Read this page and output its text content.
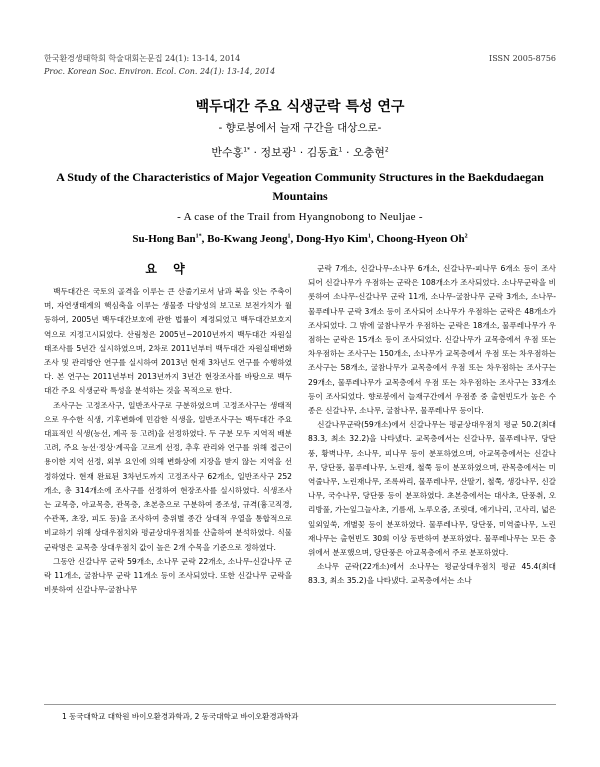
한국환경생태학회 학술대회논문집 24(1): 13-14, 2014
Proc. Korean Soc. Environ. Ecol. Con. 24(1): 13-14, 2014
ISSN 2005-8756
백두대간 주요 식생군락 특성 연구
- 향로봉에서 늘재 구간을 대상으로-
반수홍$^{1*}$ · 정보광$^1$ · 김동효$^1$ · 오충현$^2$
A Study of the Characteristics of Major Vegeation Community Structures in the Baekdudaegan Mountains
- A case of the Trail from Hyangnobong to Neuljae -
Su-Hong Ban$^{1*}$, Bo-Kwang Jeong$^1$, Dong-Hyo Kim$^1$, Choong-Hyeon Oh$^2$
요 약

백두대간은 국토의 골격을 이루는 큰 산줄기로서 남과 북을 잇는 주축이며, 자연생태계의 핵심축을 이루는 생물종 다양성의 보고로 보전가치가 월등하여, 2005년 백두대간보호에 관한 법률이 제정되었고 백두대간보호지역으로 지정고시되었다. 산림청은 2005년~2010년까지 백두대간 자원실태조사를 5년간 실시하였으며, 2차로 2011년부터 백두대간 자원실태변화조사 및 관리방안 연구를 실시하여 2013년 현재 3차년도 연구를 수행하였다. 본 연구는 2011년부터 2013년까지 3년간 현장조사를 바탕으로 백두대간 주요 식생군락 특성을 분석하는 것을 목적으로 한다.

조사구는 고정조사구, 일반조사구로 구분하였으며 고정조사구는 생태적으로 우수한 식생, 기후변화에 민감한 식생을, 일반조사구는 백두대간 주요 대표적인 식생(능선, 계곡 등 고려)을 선정하였다. 두 구분 모두 지역적 배분 고려, 주요 능선·정상·계곡을 고르게 선정, 추후 관리와 연구를 위해 접근이 용이한 지역 선정, 외부 요인에 의해 변화상에 지장을 받지 않는 지역을 선정하였다. 현재 완료된 3차년도까지 고정조사구 62개소, 일반조사구 252개소, 총 314개소에 조사구를 선정하여 현장조사를 실시하였다. 식생조사는 교목층, 아교목층, 관목층, 초본층으로 구분하여 종조성, 규격(흉고직경, 수관폭, 초장, 피도 등)을 조사하여 층위별 종간 상대적 우열을 통합적으로 비교하기 위해 상대우점치와 평균상대우점치를 산출하여 분석하였다. 식물군락명은 교목층 상대우점치 값이 높은 2개 수목을 기준으로 정하였다.

그동안 신갈나무 군락 59개소, 소나무 군락 22개소, 소나무-신갈나무 군락 11개소, 굴참나무 군락 11개소 등이 조사되었다. 또한 신갈나무 군락을 비롯하여 신갈나무-굴참나무

군락 7개소, 신갈나무-소나무 6개소, 신갈나무-피나무 6개소 등이 조사되어 신갈나무가 우점하는 군락은 108개소가 조사되었다. 소나무군락을 비롯하여 소나무-신갈나무 군락 11개, 소나무-굴참나무 군락 3개소, 소나무-물푸레나무 군락 3개소 등이 조사되어 소나무가 우점하는 군락은 48개소가 조사되었다. 그 밖에 굴참나무가 우점하는 군락은 18개소, 물푸레나무가 우점하는 군락은 15개소 등이 조사되었다. 신갈나무가 교목층에서 우점 또는 차우점하는 조사구는 150개소, 소나무가 교목층에서 우점 또는 차우점하는 조사구는 58개소, 굴참나무가 교목층에서 우점 또는 차우점하는 조사구는 29개소, 물푸레나무가 교목층에서 우점 또는 차우점하는 조사구는 33개소 등이 조사되었다. 향로봉에서 늘재구간에서 우점종 중 출현빈도가 높은 수종은 신갈나무, 소나무, 굴참나무, 물푸레나무 등이다.

신갈나무군락(59개소)에서 신갈나무는 평균상대우점치 평균 50.2(최대 83.3, 최소 32.2)을 나타냈다. 교목층에서는 신갈나무, 물푸레나무, 당단풍, 황벽나무, 소나무, 피나무 등이 분포하였으며, 아교목층에서는 신갈나무, 당단풍, 물푸레나무, 노린재, 철쭉 등이 분포하였으며, 관목층에서는 미역줄나무, 노린재나무, 조록싸리, 물푸레나무, 산딸기, 철쭉, 생강나무, 신갈나무, 국수나무, 당단풍 등이 분포하였다. 초본층에서는 대사초, 단풍취, 오리방풀, 가는잎그늘사초, 기름새, 노루오줌, 조릿대, 애기나리, 고사리, 넓은잎외잎쑥, 개별꽃 등이 분포하였다. 물푸레나무, 당단풍, 미역줄나무, 노린재나무는 출현빈도 30회 이상 동반하여 분포하였다. 물푸레나무는 모든 층위에서 분포했으며, 당단풍은 아교목층에서 주로 분포하였다.

소나무 군락(22개소)에서 소나무는 평균상대우점치 평균 45.4(최대 83.3, 최소 35.2)을 나타냈다. 교목층에서는 소나

1 동국대학교 대학원 바이오환경과학과, 2 동국대학교 바이오환경과학과
